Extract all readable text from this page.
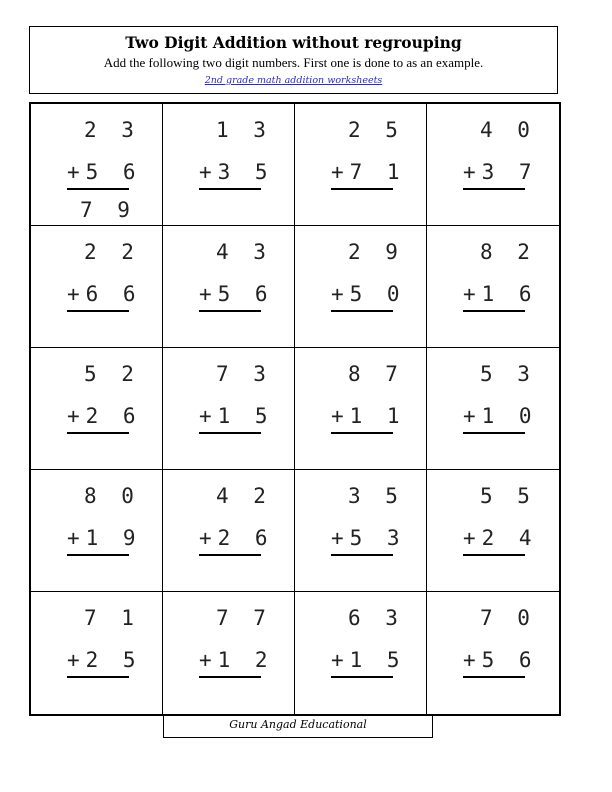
Two Digit Addition without regrouping
Add the following two digit numbers. First one is done to as an example.
2nd grade math addition worksheets
2 3
+5 6
7 9
1 3
+3 5
2 5
+7 1
4 0
+3 7
2 2
+6 6
4 3
+5 6
2 9
+5 0
8 2
+1 6
5 2
+2 6
7 3
+1 5
8 7
+1 1
5 3
+1 0
8 0
+1 9
4 2
+2 6
3 5
+5 3
5 5
+2 4
7 1
+2 5
7 7
+1 2
6 3
+1 5
7 0
+5 6
Guru Angad Educational
